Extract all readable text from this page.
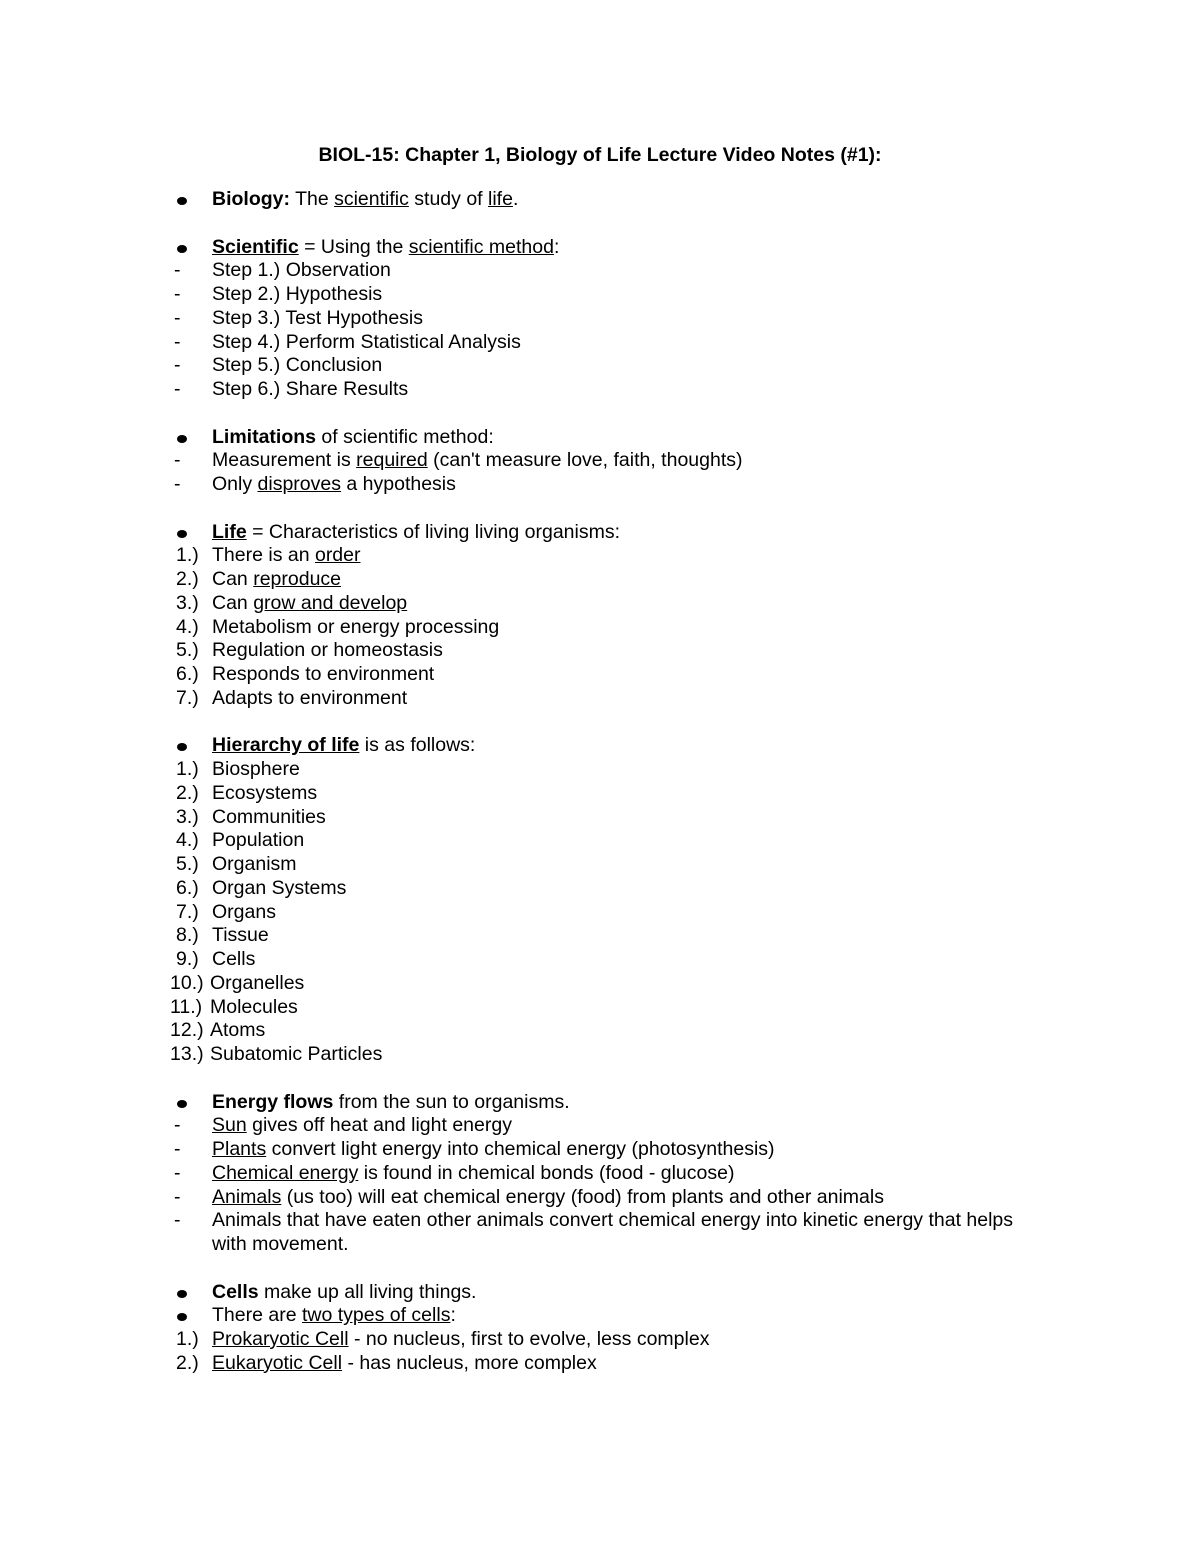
BIOL-15: Chapter 1, Biology of Life Lecture Video Notes (#1):
Biology: The scientific study of life.
Scientific = Using the scientific method:
- Step 1.) Observation
- Step 2.) Hypothesis
- Step 3.) Test Hypothesis
- Step 4.) Perform Statistical Analysis
- Step 5.) Conclusion
- Step 6.) Share Results
Limitations of scientific method:
- Measurement is required (can't measure love, faith, thoughts)
- Only disproves a hypothesis
Life = Characteristics of living living organisms:
1.) There is an order
2.) Can reproduce
3.) Can grow and develop
4.) Metabolism or energy processing
5.) Regulation or homeostasis
6.) Responds to environment
7.) Adapts to environment
Hierarchy of life is as follows:
1.) Biosphere
2.) Ecosystems
3.) Communities
4.) Population
5.) Organism
6.) Organ Systems
7.) Organs
8.) Tissue
9.) Cells
10.) Organelles
11.) Molecules
12.) Atoms
13.) Subatomic Particles
Energy flows from the sun to organisms.
- Sun gives off heat and light energy
- Plants convert light energy into chemical energy (photosynthesis)
- Chemical energy is found in chemical bonds (food - glucose)
- Animals (us too) will eat chemical energy (food) from plants and other animals
- Animals that have eaten other animals convert chemical energy into kinetic energy that helps
with movement.
Cells make up all living things.
There are two types of cells:
1.) Prokaryotic Cell - no nucleus, first to evolve, less complex
2.) Eukaryotic Cell - has nucleus, more complex
